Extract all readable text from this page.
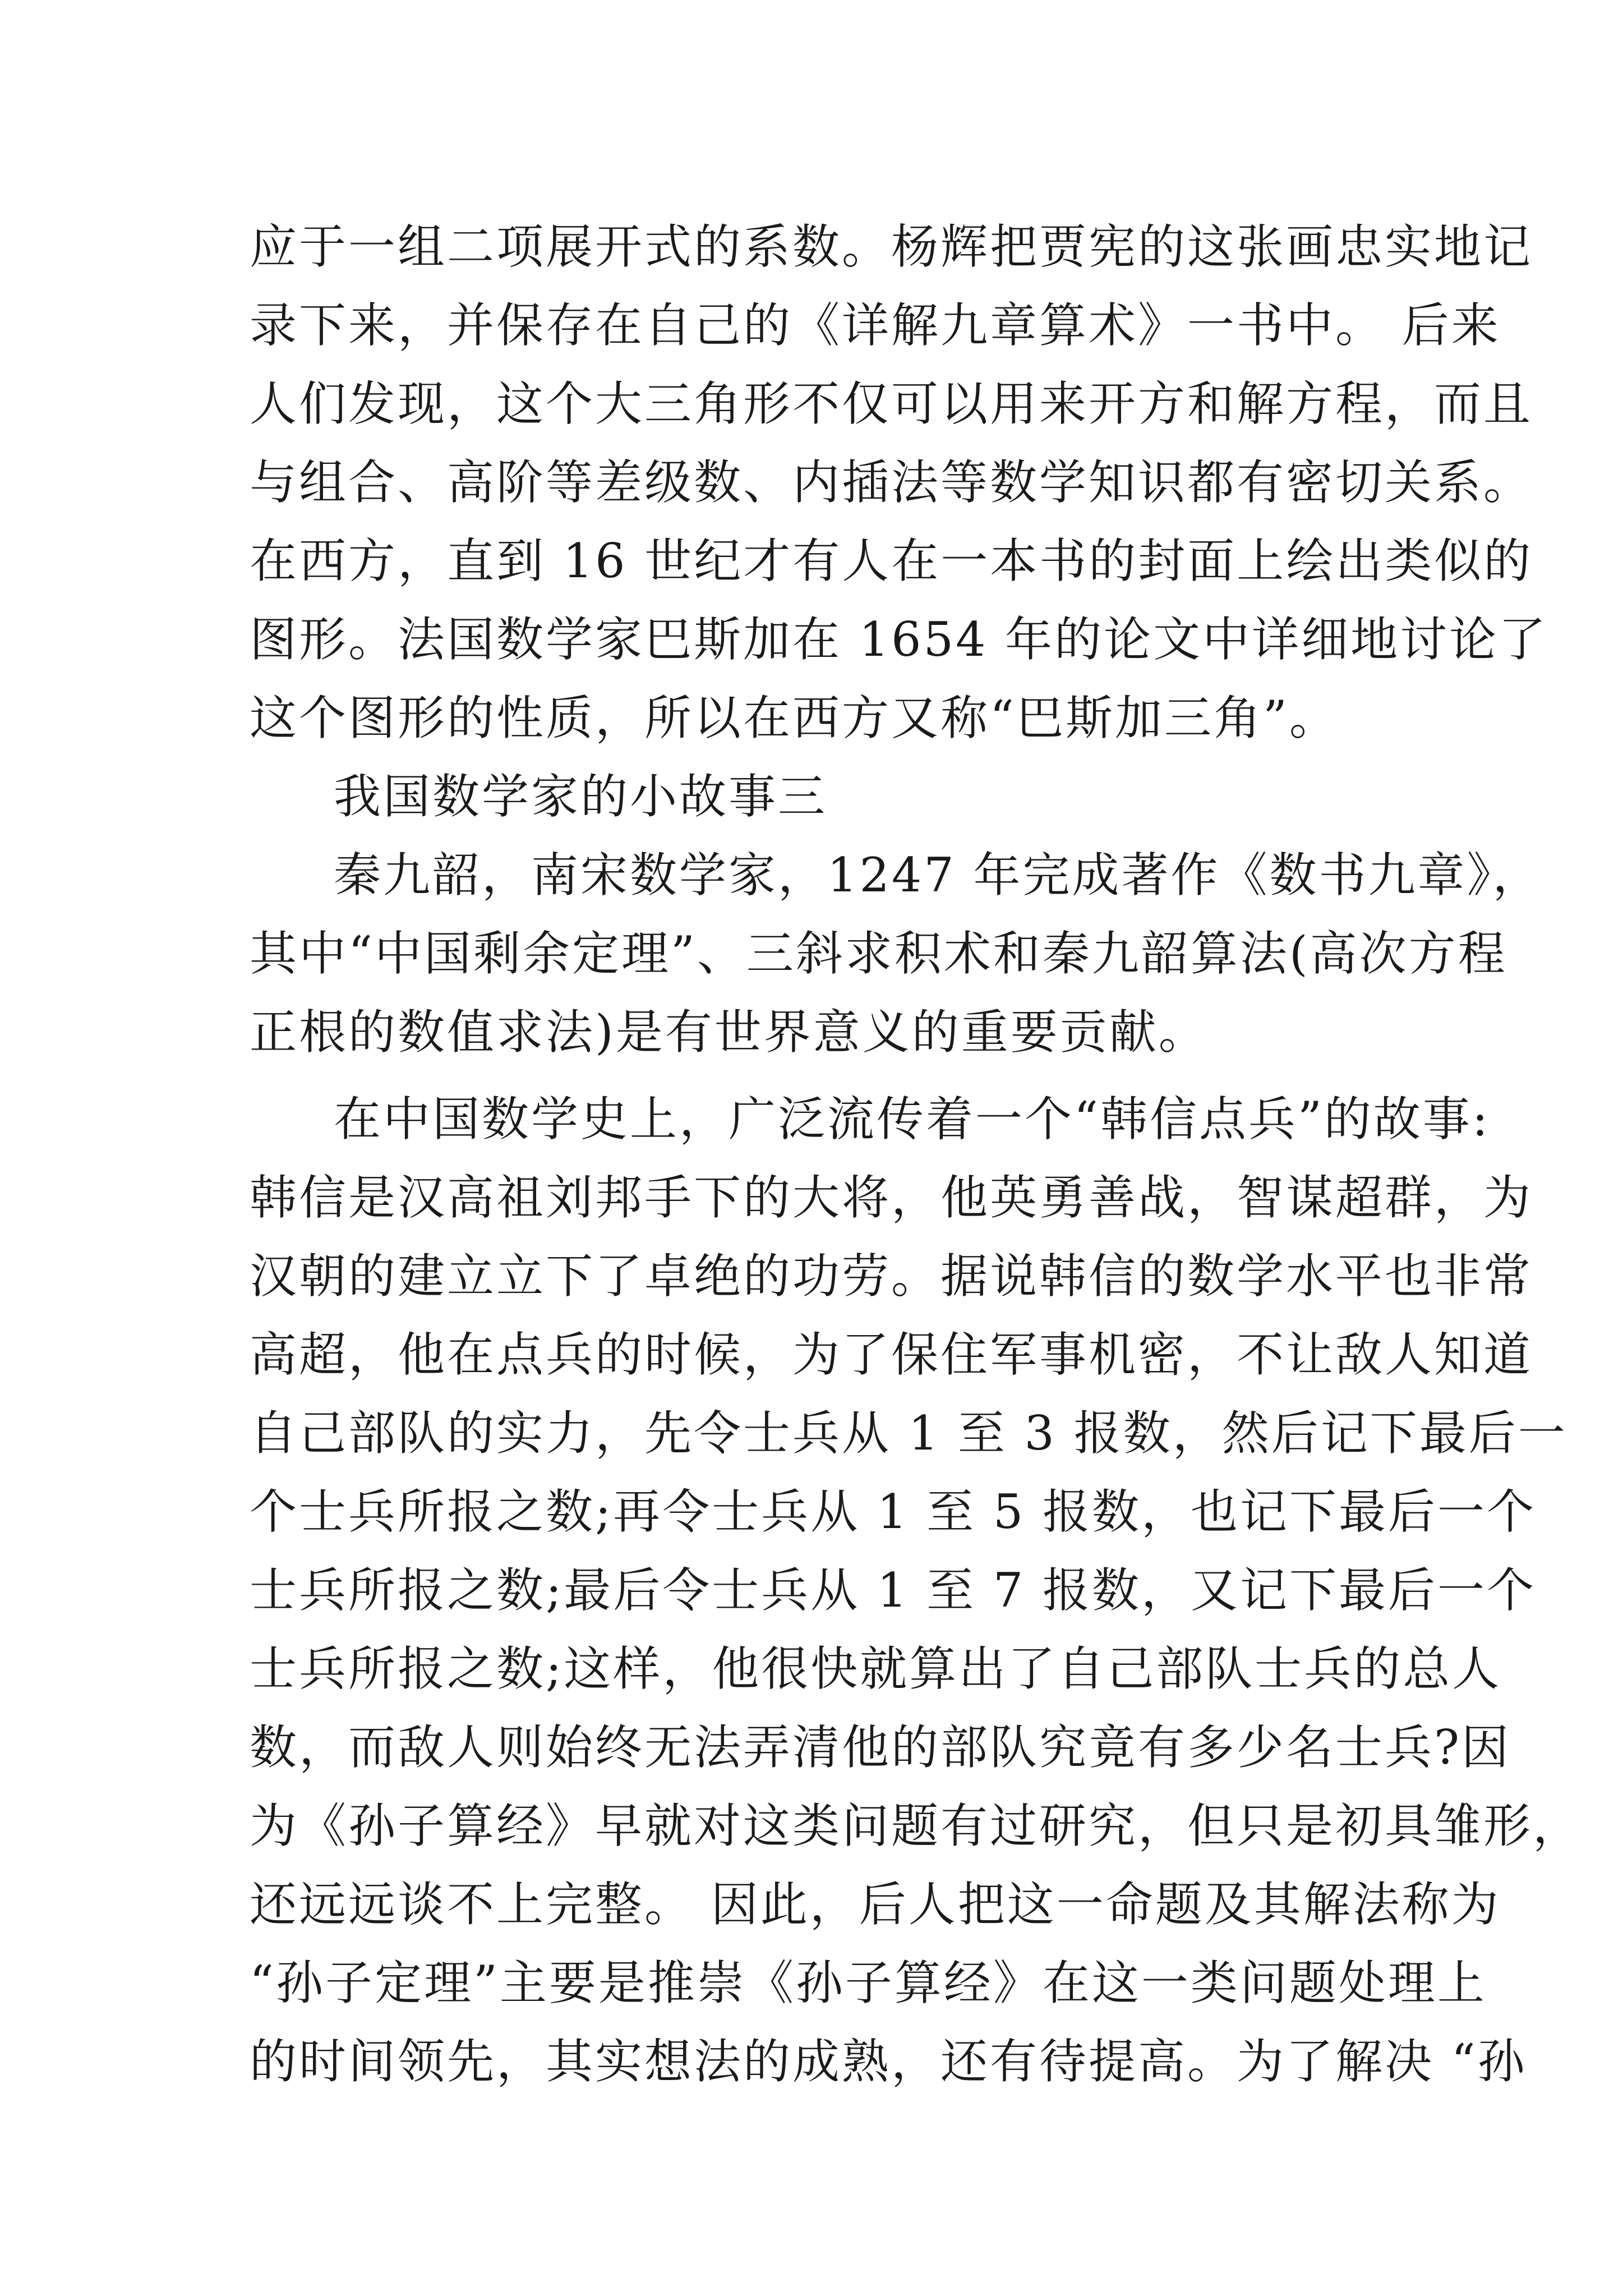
应于一组二项展开式的系数。杨辉把贾宪的这张画忠实地记
录下来，并保存在自己的《详解九章算术》一书中。 后来
人们发现，这个大三角形不仅可以用来开方和解方程，而且
与组合、高阶等差级数、内插法等数学知识都有密切关系。
在西方，直到 16 世纪才有人在一本书的封面上绘出类似的
图形。法国数学家巴斯加在 1654 年的论文中详细地讨论了
这个图形的性质，所以在西方又称“巴斯加三角”。
我国数学家的小故事三
秦九韶，南宋数学家，1247 年完成著作《数书九章》，
其中“中国剩余定理”、三斜求积术和秦九韶算法(高次方程
正根的数值求法)是有世界意义的重要贡献。
在中国数学史上，广泛流传着一个“韩信点兵”的故事:
韩信是汉高祖刘邦手下的大将，他英勇善战，智谋超群，为
汉朝的建立立下了卓绝的功劳。据说韩信的数学水平也非常
高超，他在点兵的时候，为了保住军事机密，不让敌人知道
自己部队的实力，先令士兵从 1 至 3 报数，然后记下最后一
个士兵所报之数;再令士兵从 1 至 5 报数，也记下最后一个
士兵所报之数;最后令士兵从 1 至 7 报数，又记下最后一个
士兵所报之数;这样，他很快就算出了自己部队士兵的总人
数，而敌人则始终无法弄清他的部队究竟有多少名士兵?因
为《孙子算经》早就对这类问题有过研究，但只是初具雏形，
还远远谈不上完整。 因此，后人把这一命题及其解法称为
“孙子定理”主要是推崇《孙子算经》在这一类问题处理上
的时间领先，其实想法的成熟，还有待提高。为了解决 “孙
